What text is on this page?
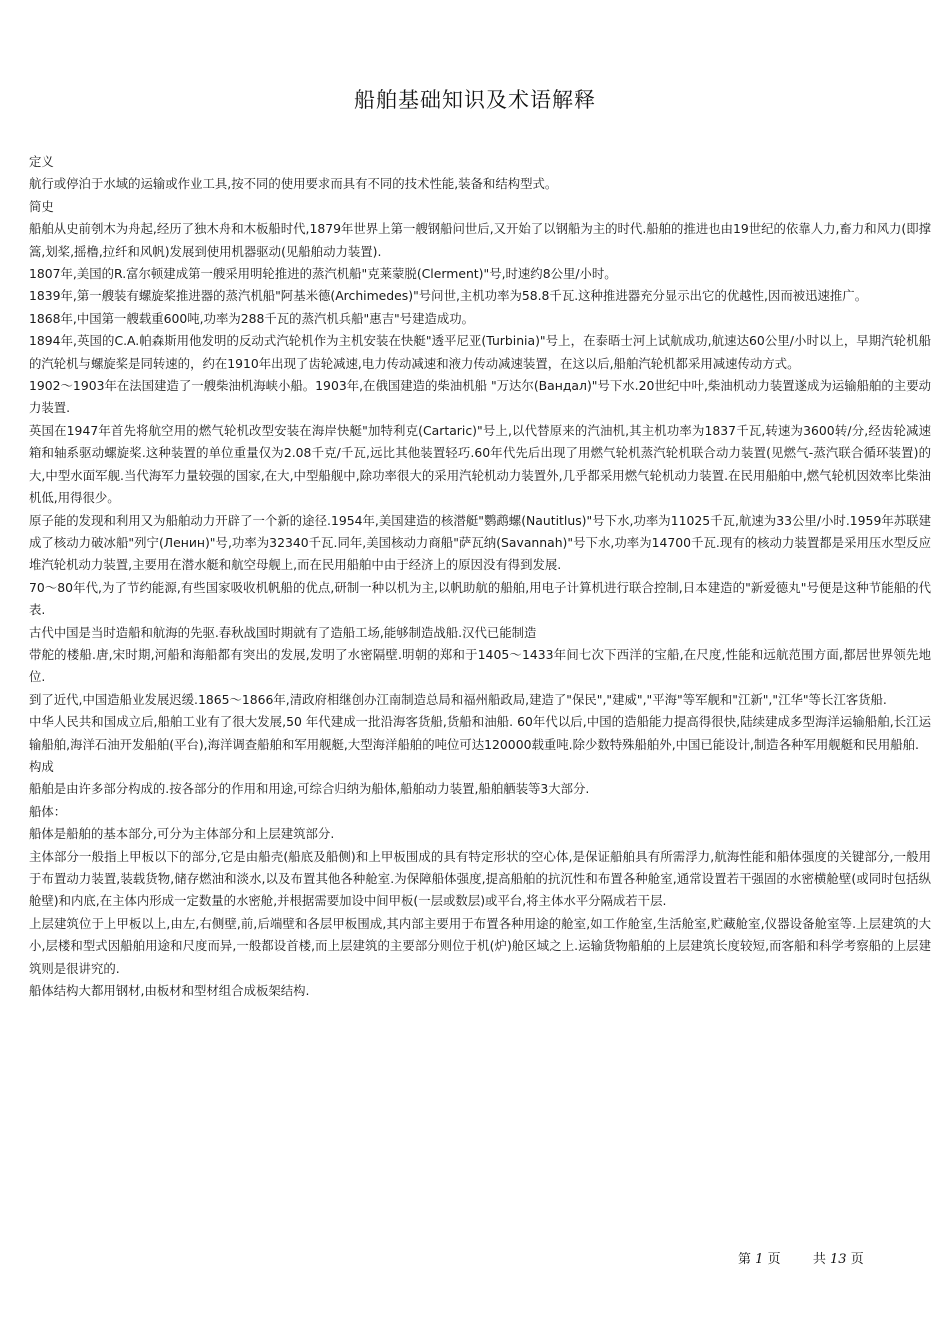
船舶基础知识及术语解释

定义

航行或停泊于水域的运输或作业工具,按不同的使用要求而具有不同的技术性能,装备和结构型式。

简史

船舶从史前刳木为舟起,经历了独木舟和木板船时代,1879年世界上第一艘钢船问世后,又开始了以钢船为主的时代.船舶的推进也由19世纪的依靠人力,畜力和风力(即撑篙,划桨,摇橹,拉纤和风帆)发展到使用机器驱动(见船舶动力装置).

1807年,美国的R.富尔顿建成第一艘采用明轮推进的蒸汽机船"克莱蒙脱(Clerment)"号,时速约8公里/小时。

1839年,第一艘装有螺旋桨推进器的蒸汽机船"阿基米德(Archimedes)"号问世,主机功率为58.8千瓦.这种推进器充分显示出它的优越性,因而被迅速推广。

1868年,中国第一艘载重600吨,功率为288千瓦的蒸汽机兵船"惠吉"号建造成功。

1894年,英国的C.A.帕森斯用他发明的反动式汽轮机作为主机安装在快艇"透平尼亚(Turbinia)"号上，在泰晤士河上试航成功,航速达60公里/小时以上，早期汽轮机船的汽轮机与螺旋桨是同转速的，约在1910年出现了齿轮减速,电力传动减速和液力传动减速装置，在这以后,船舶汽轮机都采用减速传动方式。

1902～1903年在法国建造了一艘柴油机海峡小船。1903年,在俄国建造的柴油机船 "万达尔(Вандал)"号下水.20世纪中叶,柴油机动力装置遂成为运输船舶的主要动力装置.

英国在1947年首先将航空用的燃气轮机改型安装在海岸快艇"加特利克(Cartaric)"号上,以代替原来的汽油机,其主机功率为1837千瓦,转速为3600转/分,经齿轮减速箱和轴系驱动螺旋桨.这种装置的单位重量仅为2.08千克/千瓦,远比其他装置轻巧.60年代先后出现了用燃气轮机蒸汽轮机联合动力装置(见燃气-蒸汽联合循环装置)的大,中型水面军舰.当代海军力量较强的国家,在大,中型船舰中,除功率很大的采用汽轮机动力装置外,几乎都采用燃气轮机动力装置.在民用船舶中,燃气轮机因效率比柴油机低,用得很少。

原子能的发现和利用又为船舶动力开辟了一个新的途径.1954年,美国建造的核潜艇"鹦鹉螺(Nautitlus)"号下水,功率为11025千瓦,航速为33公里/小时.1959年苏联建成了核动力破冰船"列宁(Ленин)"号,功率为32340千瓦.同年,美国核动力商船"萨瓦纳(Savannah)"号下水,功率为14700千瓦.现有的核动力装置都是采用压水型反应堆汽轮机动力装置,主要用在潜水艇和航空母舰上,而在民用船舶中由于经济上的原因没有得到发展.

70～80年代,为了节约能源,有些国家吸收机帆船的优点,研制一种以机为主,以帆助航的船舶,用电子计算机进行联合控制,日本建造的"新爱德丸"号便是这种节能船的代表.

古代中国是当时造船和航海的先驱.春秋战国时期就有了造船工场,能够制造战船.汉代已能制造

带舵的楼船.唐,宋时期,河船和海船都有突出的发展,发明了水密隔壁.明朝的郑和于1405～1433年间七次下西洋的宝船,在尺度,性能和远航范围方面,都居世界领先地位.

到了近代,中国造船业发展迟缓.1865～1866年,清政府相继创办江南制造总局和福州船政局,建造了"保民","建威","平海"等军舰和"江新","江华"等长江客货船.

中华人民共和国成立后,船舶工业有了很大发展,50 年代建成一批沿海客货船,货船和油船. 60年代以后,中国的造船能力提高得很快,陆续建成多型海洋运输船舶,长江运输船舶,海洋石油开发船舶(平台),海洋调查船舶和军用舰艇,大型海洋船舶的吨位可达120000载重吨.除少数特殊船舶外,中国已能设计,制造各种军用舰艇和民用船舶.

构成

船舶是由许多部分构成的.按各部分的作用和用途,可综合归纳为船体,船舶动力装置,船舶舾装等3大部分.

船体：

船体是船舶的基本部分,可分为主体部分和上层建筑部分.

主体部分一般指上甲板以下的部分,它是由船壳(船底及船侧)和上甲板围成的具有特定形状的空心体,是保证船舶具有所需浮力,航海性能和船体强度的关键部分,一般用于布置动力装置,装载货物,储存燃油和淡水,以及布置其他各种舱室.为保障船体强度,提高船舶的抗沉性和布置各种舱室,通常设置若干强固的水密横舱壁(或同时包括纵舱壁)和内底,在主体内形成一定数量的水密舱,并根据需要加设中间甲板(一层或数层)或平台,将主体水平分隔成若干层.

上层建筑位于上甲板以上,由左,右侧壁,前,后端壁和各层甲板围成,其内部主要用于布置各种用途的舱室,如工作舱室,生活舱室,贮藏舱室,仪器设备舱室等.上层建筑的大小,层楼和型式因船舶用途和尺度而异,一般都设首楼,而上层建筑的主要部分则位于机(炉)舱区域之上.运输货物船舶的上层建筑长度较短,而客船和科学考察船的上层建筑则是很讲究的.

船体结构大都用钢材,由板材和型材组合成板架结构.

第 1 页 共 13 页
